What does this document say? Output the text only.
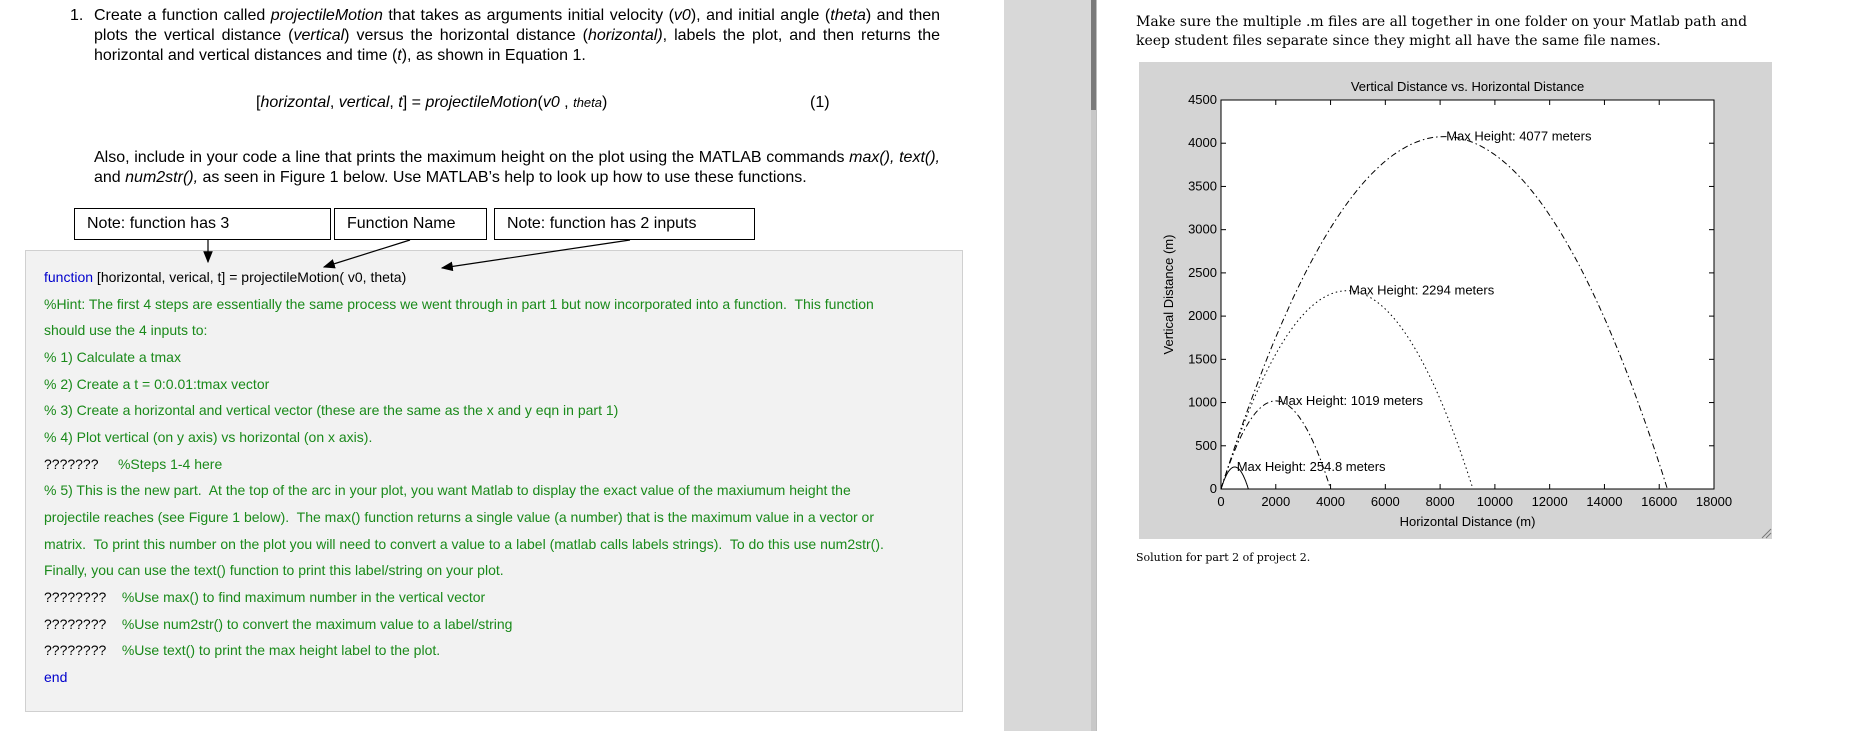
1. Create a function called projectileMotion that takes as arguments initial velocity (v0), and initial angle (theta) and then plots the vertical distance (vertical) versus the horizontal distance (horizontal), labels the plot, and then returns the horizontal and vertical distances and time (t), as shown in Equation 1.
[horizontal, vertical, t] = projectileMotion(v0 , theta)	(1)
Also, include in your code a line that prints the maximum height on the plot using the MATLAB commands max(), text(), and num2str(), as seen in Figure 1 below. Use MATLAB’s help to look up how to use these functions.
Note: function has 3	Function Name	Note: function has 2 inputs
function [horizontal, verical, t] = projectileMotion( v0, theta)
%Hint: The first 4 steps are essentially the same process we went through in part 1 but now incorporated into a function.  This function
should use the 4 inputs to:
% 1) Calculate a tmax
% 2) Create a t = 0:0.01:tmax vector
% 3) Create a horizontal and vertical vector (these are the same as the x and y eqn in part 1)
% 4) Plot vertical (on y axis) vs horizontal (on x axis).
???????     %Steps 1-4 here
% 5) This is the new part.  At the top of the arc in your plot, you want Matlab to display the exact value of the maxiumum height the
projectile reaches (see Figure 1 below).  The max() function returns a single value (a number) that is the maximum value in a vector or
matrix.  To print this number on the plot you will need to convert a value to a label (matlab calls labels strings).  To do this use num2str().
Finally, you can use the text() function to print this label/string on your plot.
????????    %Use max() to find maximum number in the vertical vector
????????    %Use num2str() to convert the maximum value to a label/string
????????    %Use text() to print the max height label to the plot.
end
Make sure the multiple .m files are all together in one folder on your Matlab path and keep student files separate since they might all have the same file names.
0	2000 4000 6000 8000 10000 12000 14000 16000 18000
0
500
1000
1500
2000
2500
3000
3500
4000
4500
Vertical Distance vs. Horizontal Distance
Horizontal Distance (m)
Vertical Distance (m)
Max Height: 254.8 meters
Max Height: 1019 meters
Max Height: 2294 meters
Max Height: 4077 meters
Solution for part 2 of project 2.
